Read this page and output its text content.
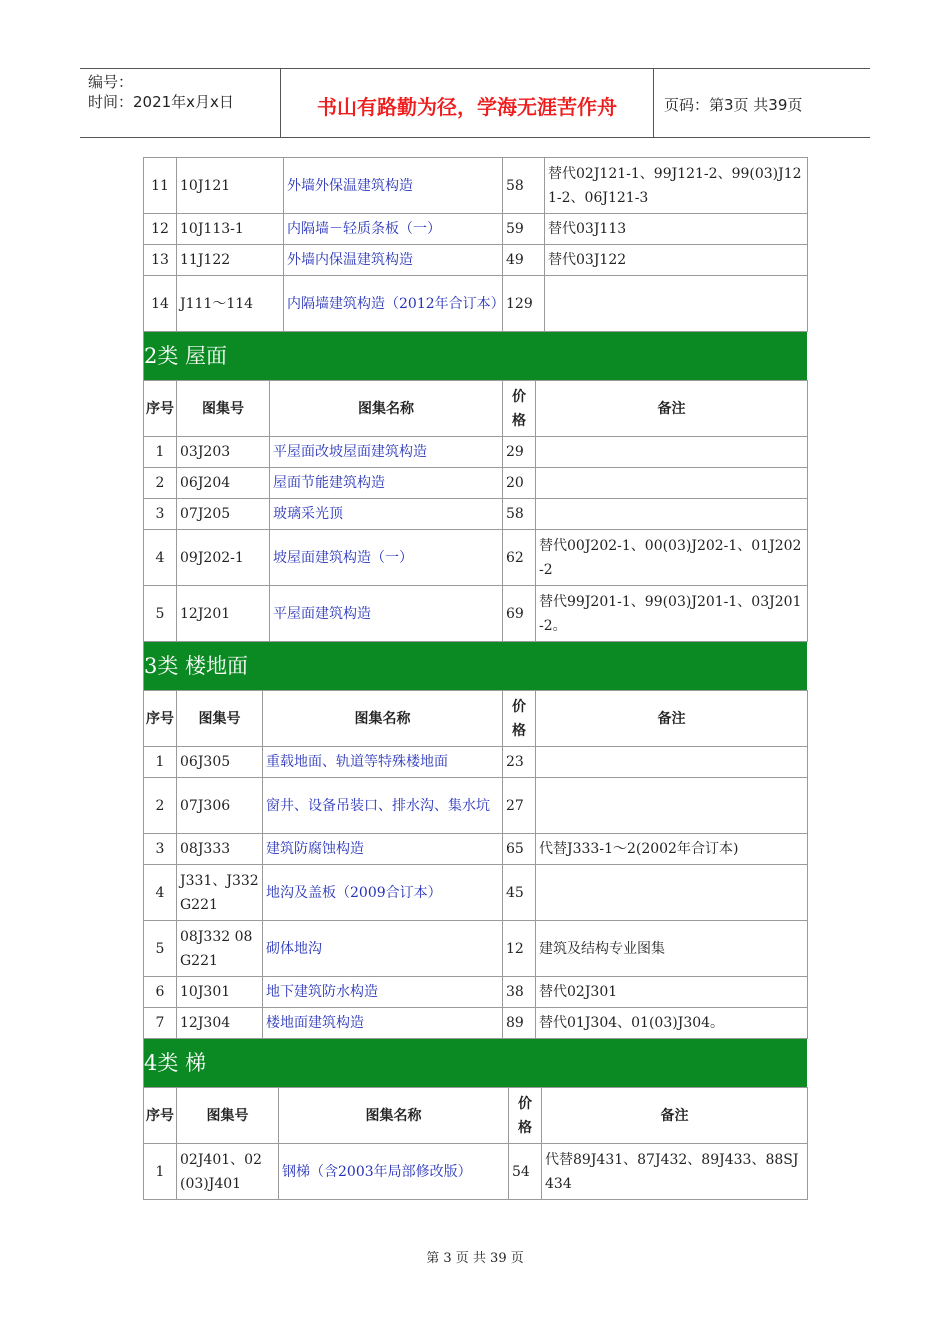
编号：
时间：2021年x月x日	书山有路勤为径，学海无涯苦作舟	页码：第3页 共39页
11	10J121	外墙外保温建筑构造	58	替代02J121-1、99J121-2、99(03)J121-2、06J121-3
12	10J113-1	内隔墙－轻质条板（一）	59	替代03J113
13	11J122	外墙内保温建筑构造	49	替代03J122
14	J111～114	内隔墙建筑构造（2012年合订本）	129	
2类 屋面
序号	图集号	图集名称	价格	备注
1	03J203	平屋面改坡屋面建筑构造	29	
2	06J204	屋面节能建筑构造	20	
3	07J205	玻璃采光顶	58	
4	09J202-1	坡屋面建筑构造（一）	62	替代00J202-1、00(03)J202-1、01J202-2
5	12J201	平屋面建筑构造	69	替代99J201-1、99(03)J201-1、03J201-2。
3类 楼地面
序号	图集号	图集名称	价格	备注
1	06J305	重载地面、轨道等特殊楼地面	23	
2	07J306	窗井、设备吊装口、排水沟、集水坑	27	
3	08J333	建筑防腐蚀构造	65	代替J333-1～2(2002年合订本)
4	J331、J332 G221	地沟及盖板（2009合订本）	45	
5	08J332 08G221	砌体地沟	12	建筑及结构专业图集
6	10J301	地下建筑防水构造	38	替代02J301
7	12J304	楼地面建筑构造	89	替代01J304、01(03)J304。
4类 梯
序号	图集号	图集名称	价格	备注
1	02J401、02(03)J401	钢梯（含2003年局部修改版）	54	代替89J431、87J432、89J433、88SJ434
第 3 页 共 39 页
